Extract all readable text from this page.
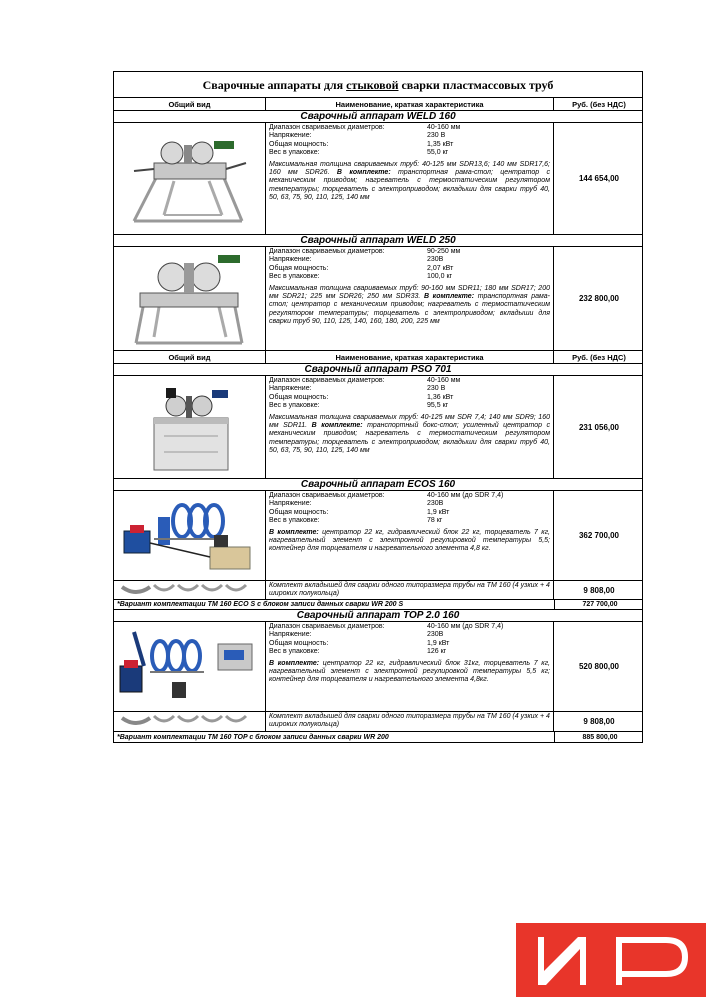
Сварочные аппараты для стыковой сварки пластмассовых труб
Общий вид	Наименование, краткая характеристика	Руб. (без НДС)
Сварочный аппарат WELD 160
Диапазон свариваемых диаметров:	40-160 мм
Напряжение:	230 В
Общая мощность:	1,35 кВт
Вес в упаковке:	55,0 кг
Максимальная толщина свариваемых труб: 40-125 мм SDR13,6; 140 мм SDR17,6; 160 мм SDR26. В комплекте: транспортная рама-стол; центратор с механическим приводом; нагреватель с термостатическим регулятором температуры; торцеватель с электроприводом; вкладыши для сварки труб 40, 50, 63, 75, 90, 110, 125, 140 мм
144 654,00
Сварочный аппарат WELD 250
Диапазон свариваемых диаметров:	90-250 мм
Напряжение:	230В
Общая мощность:	2,07 кВт
Вес в упаковке:	100,0 кг
Максимальная толщина свариваемых труб: 90-160 мм SDR11; 180 мм SDR17; 200 мм SDR21; 225 мм SDR26; 250 мм SDR33. В комплекте: транспортная рама-стол; центратор с механическим приводом; нагреватель с термостатическим регулятором температуры; торцеватель с электроприводом; вкладыши для сварки труб 90, 110, 125, 140, 160, 180, 200, 225 мм
232 800,00
Общий вид	Наименование, краткая характеристика	Руб. (без НДС)
Сварочный аппарат PSO 701
Диапазон свариваемых диаметров:	40-160 мм
Напряжение:	230 В
Общая мощность:	1,36 кВт
Вес в упаковке:	95,5 кг
Максимальная толщина свариваемых труб: 40-125 мм SDR 7,4; 140 мм SDR9; 160 мм SDR11. В комплекте: транспортный бокс-стол; усиленный центратор с механическим приводом; нагреватель с термостатическим регулятором температуры; торцеватель с электроприводом; вкладыши для сварки труб 40, 50, 63, 75, 90, 110, 125, 140 мм
231 056,00
Сварочный аппарат ECOS 160
Диапазон свариваемых диаметров:	40-160 мм (до SDR 7,4)
Напряжение:	230В
Общая мощность:	1,9 кВт
Вес в упаковке:	78 кг
В комплекте: центратор 22 кг, гидравлический блок 22 кг, торцеватель 7 кг, нагревательный элемент с электронной регулировкой температуры 5,5; контейнер для торцевателя и нагревательного элемента 4,8 кг.
362 700,00
Комплект вкладышей для сварки одного типоразмера трубы на ТМ 160 (4 узких + 4 широких полукольца)	9 808,00
*Вариант комплектации ТМ 160 ECO S с блоком записи данных сварки WR 200 S	727 700,00
Сварочный аппарат TOP 2.0 160
Диапазон свариваемых диаметров:	40-160 мм (до SDR 7,4)
Напряжение:	230В
Общая мощность:	1,9 кВт
Вес в упаковке:	126 кг
В комплекте: центратор 22 кг, гидравлический блок 31кг, торцеватель 7 кг, нагревательный элемент с электронной регулировкой температуры 5,5 кг; контейнер для торцевателя и нагревательного элемента 4,8кг.
520 800,00
Комплект вкладышей для сварки одного типоразмера трубы на ТМ 160 (4 узких + 4 широких полукольца)	9 808,00
*Вариант комплектации ТМ 160 TOP с блоком записи данных сварки WR 200	885 800,00
